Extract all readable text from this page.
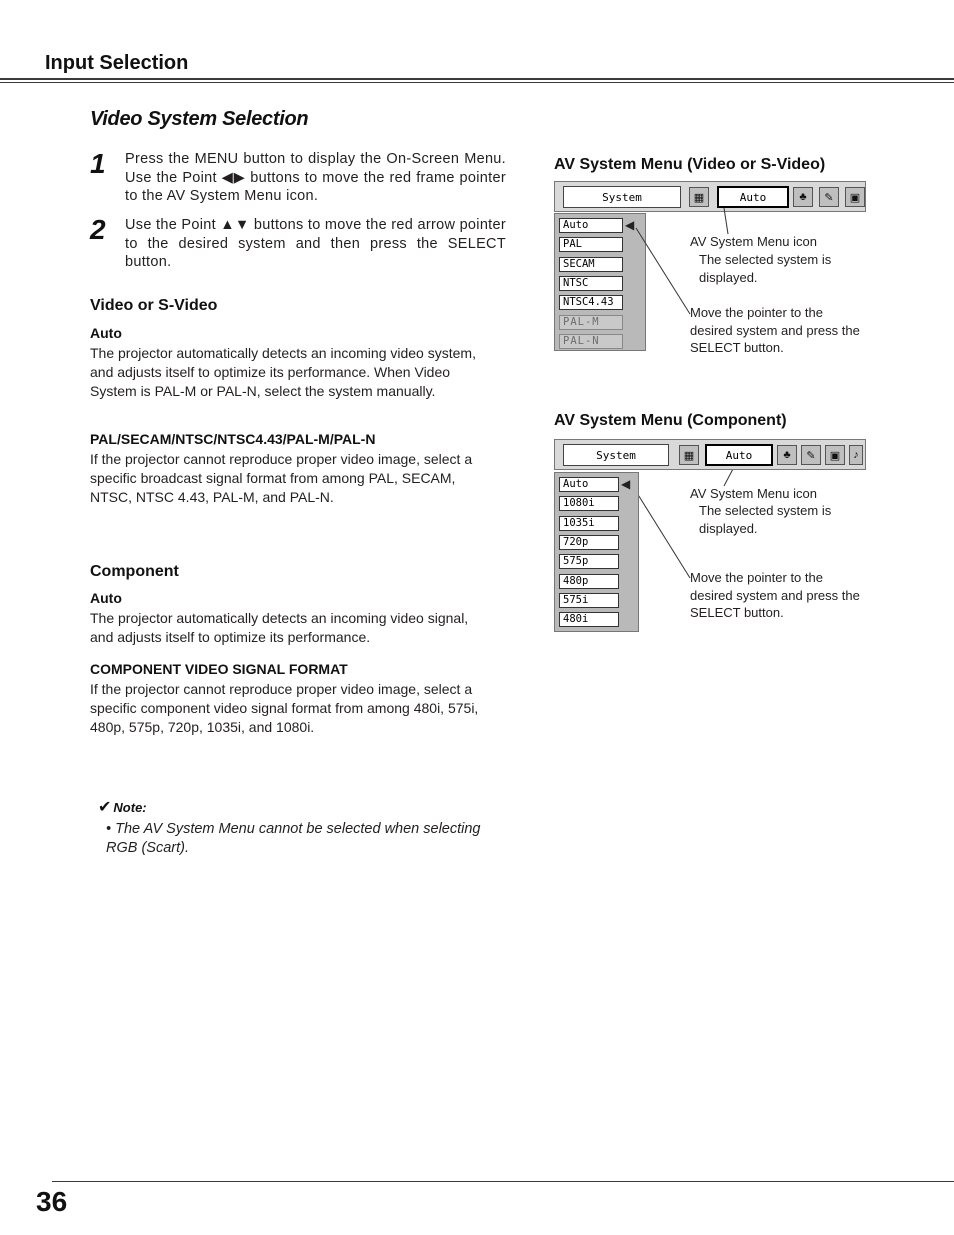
Input Selection
Video System Selection
1 Press the MENU button to display the On-Screen Menu. Use the Point ◀▶ buttons to move the red frame pointer to the AV System Menu icon.
2 Use the Point ▲▼ buttons to move the red arrow pointer to the desired system and then press the SELECT button.
Video or S-Video
Auto
The projector automatically detects an incoming video system, and adjusts itself to optimize its performance. When Video System is PAL-M or PAL-N, select the system manually.
PAL/SECAM/NTSC/NTSC4.43/PAL-M/PAL-N
If the projector cannot reproduce proper video image, select a specific broadcast signal format from among PAL, SECAM, NTSC, NTSC 4.43, PAL-M, and PAL-N.
Component
Auto
The projector automatically detects an incoming video signal, and adjusts itself to optimize its performance.
COMPONENT VIDEO SIGNAL FORMAT
If the projector cannot reproduce proper video image, select a specific component video signal format from among 480i, 575i, 480p, 575p, 720p, 1035i, and 1080i.
✔ Note:
• The AV System Menu cannot be selected when selecting RGB (Scart).
AV System Menu (Video or S-Video)
System	▦	Auto	♣	✎	▣
Auto
PAL
SECAM
NTSC
NTSC4.43
PAL-M
PAL-N
◀
AV System Menu icon
The selected system is displayed.
Move the pointer to the desired system and press the SELECT button.
AV System Menu (Component)
System	▦	Auto	♣	✎	▣	♪
Auto
1080i
1035i
720p
575p
480p
575i
480i
◀
AV System Menu icon
The selected system is displayed.
Move the pointer to the desired system and press the SELECT button.
36
